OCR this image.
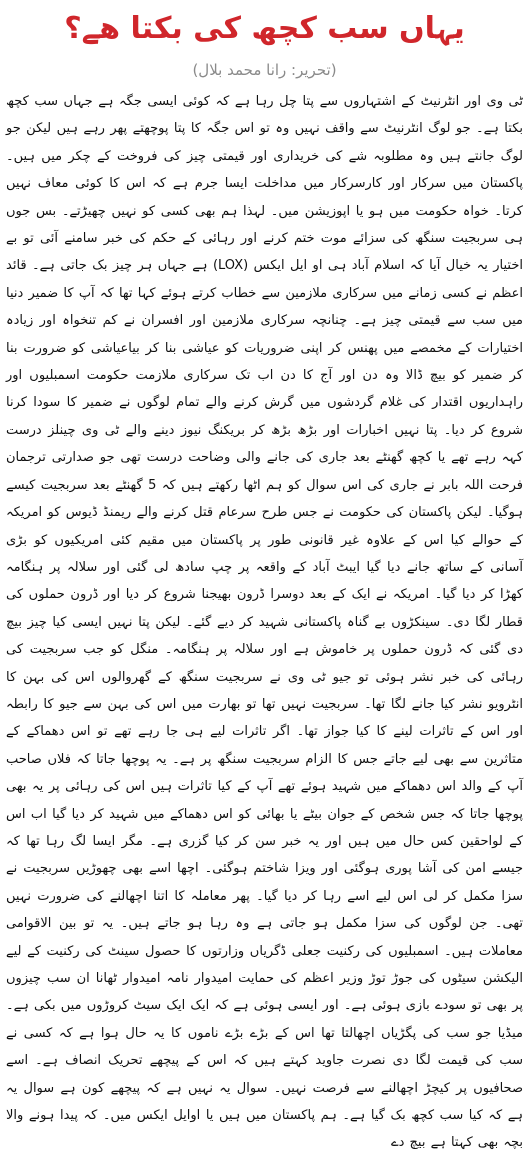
یہاں سب کچھ کی بکتا ھے؟
(تحریر: رانا محمد بلال)

ٹی وی اور انٹرنیٹ کے اشتہاروں سے پتا چل رہا ہے کہ کوئی ایسی جگہ ہے جہاں سب کچھ بکتا ہے۔ جو لوگ انٹرنیٹ سے واقف نہیں وہ تو اس جگہ کا پتا پوچھتے پھر رہے ہیں لیکن جو لوگ جانتے ہیں وہ مطلوبہ شے کی خریداری اور قیمتی چیز کی فروخت کے چکر میں ہیں۔ پاکستان میں سرکار اور کارسرکار میں مداخلت ایسا جرم ہے کہ اس کا کوئی معاف نہیں کرتا۔ خواہ حکومت میں ہو یا اپوزیشن میں۔ لہذا ہم بھی کسی کو نہیں چھیڑتے۔ بس جوں ہی سربجیت سنگھ کی سزائے موت ختم کرنے اور رہائی کے حکم کی خبر سامنے آئی تو بے اختیار یہ خیال آیا کہ اسلام آباد ہی او ایل ایکس (LOX) ہے جہاں ہر چیز بک جاتی ہے۔ قائد اعظم نے کسی زمانے میں سرکاری ملازمین سے خطاب کرتے ہوئے کہا تھا کہ آپ کا ضمیر دنیا میں سب سے قیمتی چیز ہے۔ چنانچہ سرکاری ملازمین اور افسران نے کم تنخواہ اور زیادہ اختیارات کے مخمصے میں پھنس کر اپنی ضروریات کو عیاشی بنا کر بیاعیاشی کو ضرورت بنا کر ضمیر کو بیچ ڈالا وہ دن اور آج کا دن اب تک سرکاری ملازمت حکومت اسمبلیوں اور راہداریوں اقتدار کی غلام گردشوں میں گرش کرنے والے تمام لوگوں نے ضمیر کا سودا کرنا شروع کر دیا۔ پتا نہیں اخبارات اور بڑھ بڑھ کر بریکنگ نیوز دینے والے ٹی وی چینلز درست کہہ رہے تھے یا کچھ گھنٹے بعد جاری کی جانے والی وضاحت درست تھی جو صدارتی ترجمان فرحت اللہ بابر نے جاری کی اس سوال کو ہم اٹھا رکھتے ہیں کہ 5 گھنٹے بعد سربجیت کیسے ہوگیا۔ لیکن پاکستان کی حکومت نے جس طرح سرعام قتل کرنے والے ریمنڈ ڈیوس کو امریکہ کے حوالے کیا اس کے علاوہ غیر قانونی طور پر پاکستان میں مقیم کئی امریکیوں کو بڑی آسانی کے ساتھ جانے دیا گیا ایبٹ آباد کے واقعہ پر چپ سادھ لی گئی اور سلالہ پر ہنگامہ کھڑا کر دیا گیا۔ امریکہ نے ایک کے بعد دوسرا ڈرون بھیجنا شروع کر دیا اور ڈرون حملوں کی قطار لگا دی۔ سینکڑوں بے گناہ پاکستانی شہید کر دیے گئے۔ لیکن پتا نہیں ایسی کیا چیز بیچ دی گئی کہ ڈرون حملوں پر خاموش ہے اور سلالہ پر ہنگامہ۔ منگل کو جب سربجیت کی رہائی کی خبر نشر ہوئی تو جیو ٹی وی نے سربجیت سنگھ کے گھروالوں اس کی بہن کا انٹرویو نشر کیا جانے لگا تھا۔ سربجیت نہیں تھا تو بھارت میں اس کی بہن سے جیو کا رابطہ اور اس کے تاثرات لینے کا کیا جواز تھا۔ اگر تاثرات لیے ہی جا رہے تھے تو اس دھماکے کے متاثرین سے بھی لیے جاتے جس کا الزام سربجیت سنگھ پر ہے۔ یہ پوچھا جاتا کہ فلاں صاحب آپ کے والد اس دھماکے میں شہید ہوئے تھے آپ کے کیا تاثرات ہیں اس کی رہائی پر یہ بھی پوچھا جاتا کہ جس شخص کے جوان بیٹے یا بھائی کو اس دھماکے میں شہید کر دیا گیا اب اس کے لواحقین کس حال میں ہیں اور یہ خبر سن کر کیا گزری ہے۔ مگر ایسا لگ رہا تھا کہ جیسے امن کی آشا پوری ہوگئی اور ویزا شاختم ہوگئی۔ اچھا اسے بھی چھوڑیں سربجیت نے سزا مکمل کر لی اس لیے اسے رہا کر دیا گیا۔ پھر معاملہ کا اتنا اچھالنے کی ضرورت نہیں تھی۔ جن لوگوں کی سزا مکمل ہو جاتی ہے وہ رہا ہو جاتے ہیں۔ یہ تو بین الاقوامی معاملات ہیں۔ اسمبلیوں کی رکنیت جعلی ڈگریاں وزارتوں کا حصول سینٹ کی رکنیت کے لیے الیکشن سیٹوں کی جوڑ توڑ وزیر اعظم کی حمایت امیدوار نامہ امیدوار ٹھانا ان سب چیزوں پر بھی تو سودے بازی ہوئی ہے۔ اور ایسی ہوئی ہے کہ ایک ایک سیٹ کروڑوں میں بکی ہے۔ میڈیا جو سب کی پگڑیاں اچھالتا تھا اس کے بڑے بڑے ناموں کا یہ حال ہوا ہے کہ کسی نے سب کی قیمت لگا دی نصرت جاوید کہتے ہیں کہ اس کے پیچھے تحریک انصاف ہے۔ اسے صحافیوں پر کیچڑ اچھالنے سے فرصت نہیں۔ سوال یہ نہیں ہے کہ پیچھے کون ہے سوال یہ ہے کہ کیا سب کچھ بک گیا ہے۔ ہم پاکستان میں ہیں یا اوایل ایکس میں۔ کہ پیدا ہونے والا بچہ بھی کہتا ہے بیچ دے
